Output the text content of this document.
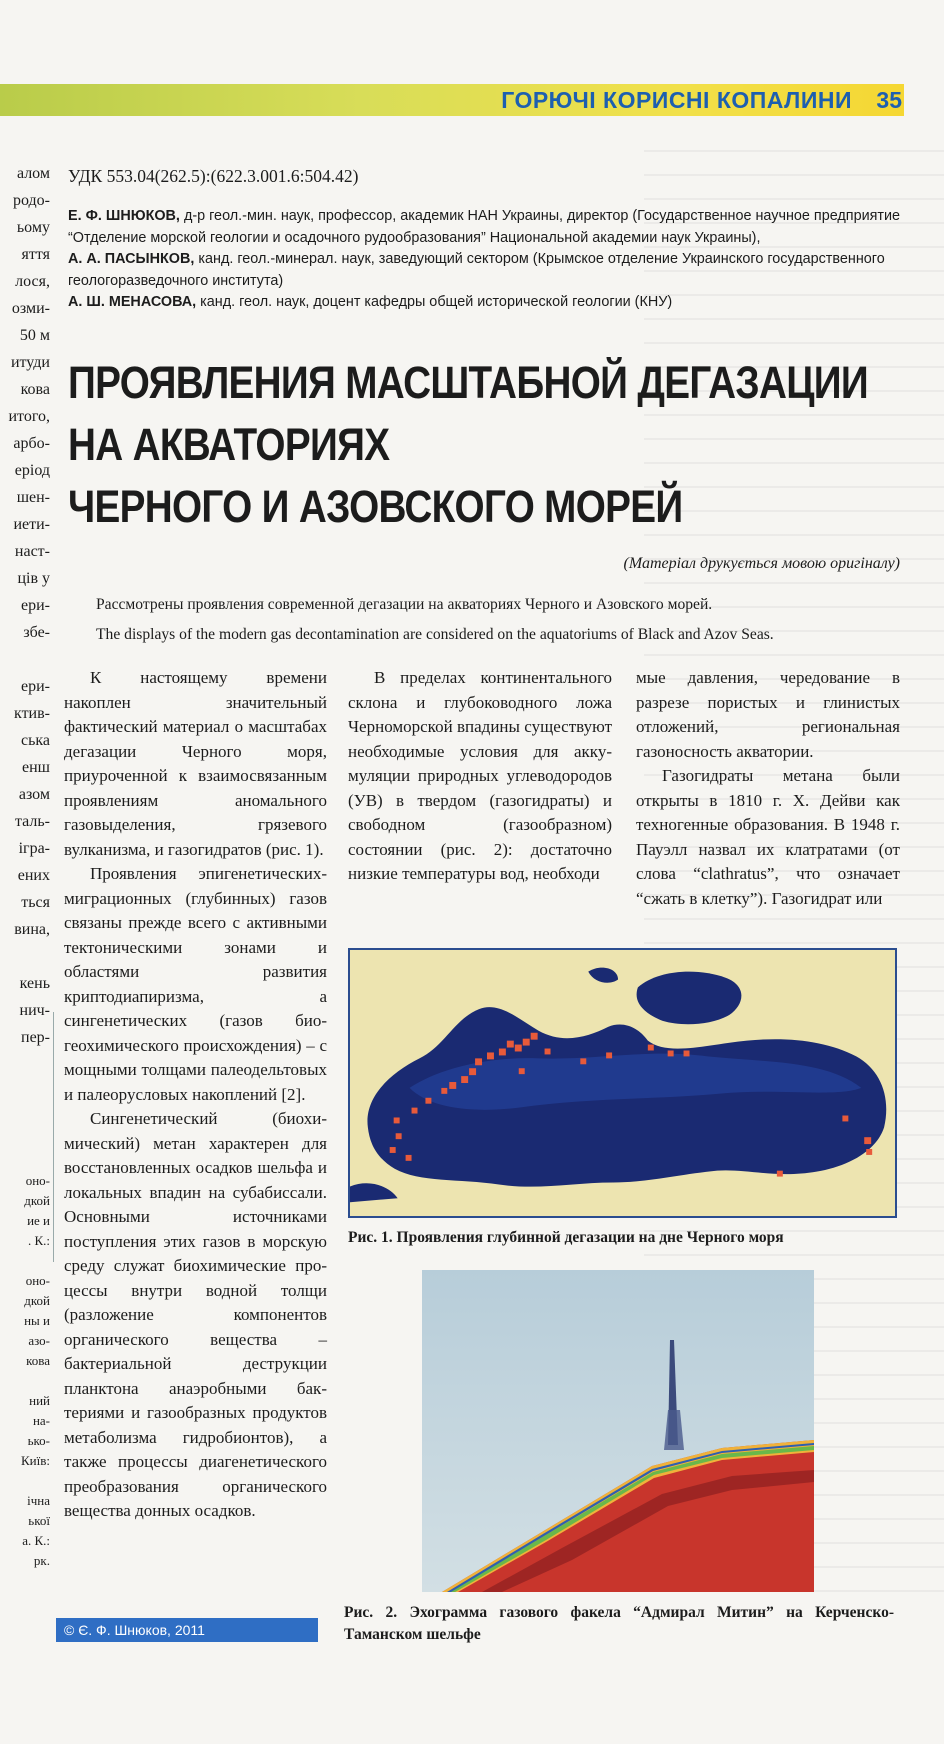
ГОРЮЧІ КОРИСНІ КОПАЛИНИ 35
алом
родо-
ьому
яття
лося,
озми-
50 м
итуди
кова
итого,
арбо-
еріод
шен-
иети-
наст-
ців у
ери-
збе-

ери-
ктив-
ська
енш
азом
таль-
ігра-
ених
ться
вина,

кень
нич-
пер-
оно-
дкой
ие и
. К.:

оно-
дкой
ны и
азо-
кова

ний
на-
ько-
Київ:

ічна
ької
а. К.:
рк.
УДК 553.04(262.5):(622.3.001.6:504.42)

Е. Ф. ШНЮКОВ, д-р геол.-мин. наук, профессор, академик НАН Украины, директор (Государственное научное предприятие “Отделение морской геологии и осадочного рудообразования” Национальной академии наук Украины),

А. А. ПАСЫНКОВ, канд. геол.-минерал. наук, заведующий сектором (Крымское отделение Украинского государственного геологоразведочного института)

А. Ш. МЕНАСОВА, канд. геол. наук, доцент кафедры общей исторической геологии (КНУ)

ПРОЯВЛЕНИЯ МАСШТАБНОЙ ДЕГАЗАЦИИ
НА АКВАТОРИЯХ
ЧЕРНОГО И АЗОВСКОГО МОРЕЙ
(Матеріал друкується мовою оригіналу)
Рассмотрены проявления современной дегазации на акваториях Черного и Азовского морей.
The displays of the modern gas decontamination are considered on the aquatoriums of Black and Azov Seas.

К настоящему времени накоплен значительный фактический материал о масштабах дегазации Черного моря, приуроченной к взаимосвязанным проявлениям аномального газовыделения, грязевого вулканизма, и газогидратов (рис. 1).

Проявления эпигенетических-миграционных (глубинных) газов связаны прежде всего с активными тектоническими зонами и областями развития криптодиапиризма, а сингенетических (газов биогеохимического происхождения) – с мощными толщами палеодельтовых и палеорусловых накоплений [2].

Сингенетический (биохимический) метан характерен для восстановленных осадков шельфа и локальных впадин на субабиссали. Основными источниками поступления этих газов в морскую среду служат биохимические процессы внутри водной толщи (разложение компонентов органического вещества – бактериальной деструкции планктона анаэробными бактериями и газообразных продуктов метаболизма гидробионтов), а также процессы диагенетического преобразования органического вещества донных осадков.

В пределах континентального склона и глубоководного ложа Черноморской впадины существуют необходимые условия для аккумуляции природных углеводородов (УВ) в твердом (газогидраты) и свободном (газообразном) состоянии (рис. 2): достаточно низкие температуры вод, необходи

мые давления, чередование в разрезе пористых и глинистых отложений, региональная газоносность акватории.

Газогидраты метана были открыты в 1810 г. Х. Дейви как техногенные образования. В 1948 г. Пауэлл назвал их клатратами (от слова “clathratus”, что означает “сжать в клетку”). Газогидрат или

Рис. 1. Проявления глубинной дегазации на дне Черного моря
Рис. 2. Эхограмма газового факела “Адмирал Митин” на Керченско-Таманском шельфе
© Є. Ф. Шнюков, 2011
